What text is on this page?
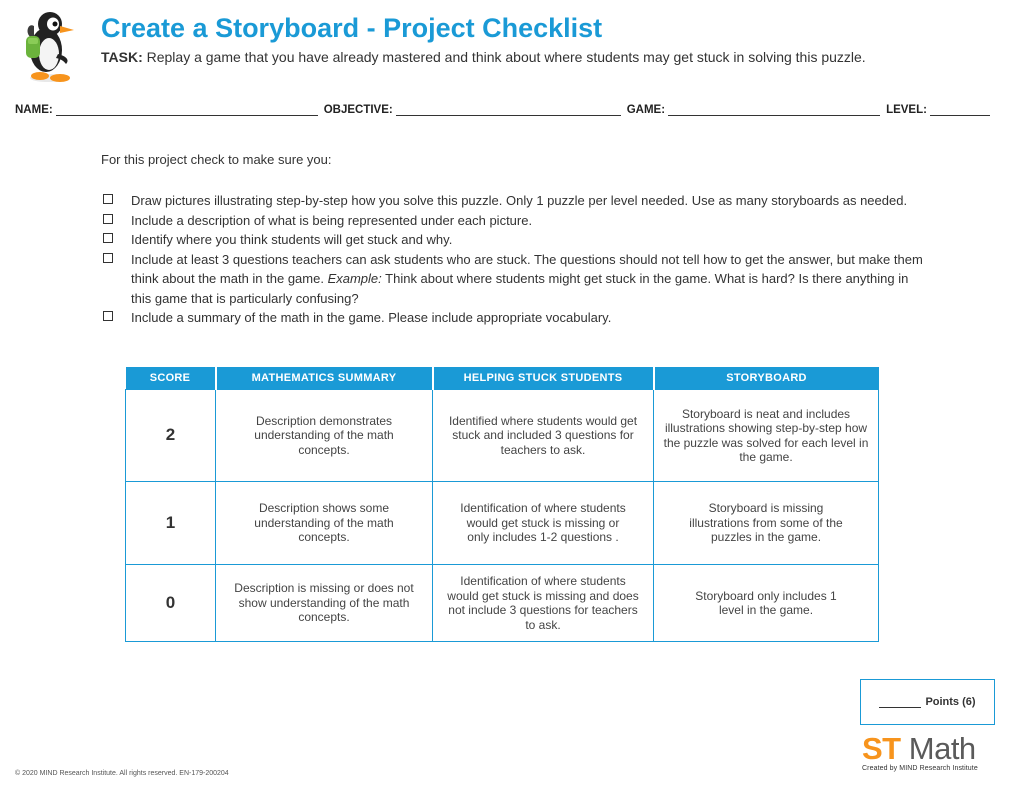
Create a Storyboard - Project Checklist
TASK: Replay a game that you have already mastered and think about where students may get stuck in solving this puzzle.
NAME:	OBJECTIVE:	GAME:	LEVEL:
For this project check to make sure you:
Draw pictures illustrating step-by-step how you solve this puzzle. Only 1 puzzle per level needed. Use as many storyboards as needed.
Include a description of what is being represented under each picture.
Identify where you think students will get stuck and why.
Include at least 3 questions teachers can ask students who are stuck. The questions should not tell how to get the answer, but make them think about the math in the game. Example: Think about where students might get stuck in the game. What is hard? Is there anything in this game that is particularly confusing?
Include a summary of the math in the game. Please include appropriate vocabulary.
SCORE	MATHEMATICS SUMMARY	HELPING STUCK STUDENTS	STORYBOARD
2	Description demonstrates understanding of the math concepts.	Identified where students would get stuck and included 3 questions for teachers to ask.	Storyboard is neat and includes illustrations showing step-by-step how the puzzle was solved for each level in the game.
1	Description shows some understanding of the math concepts.	Identification of where students would get stuck is missing or only includes 1-2 questions .	Storyboard is missing illustrations from some of the puzzles in the game.
0	Description is missing or does not show understanding of the math concepts.	Identification of where students would get stuck is missing and does not include 3 questions for teachers to ask.	Storyboard only includes 1 level in the game.
Points (6)
ST Math
Created by MIND Research Institute
© 2020 MIND Research Institute. All rights reserved. EN-179-200204
